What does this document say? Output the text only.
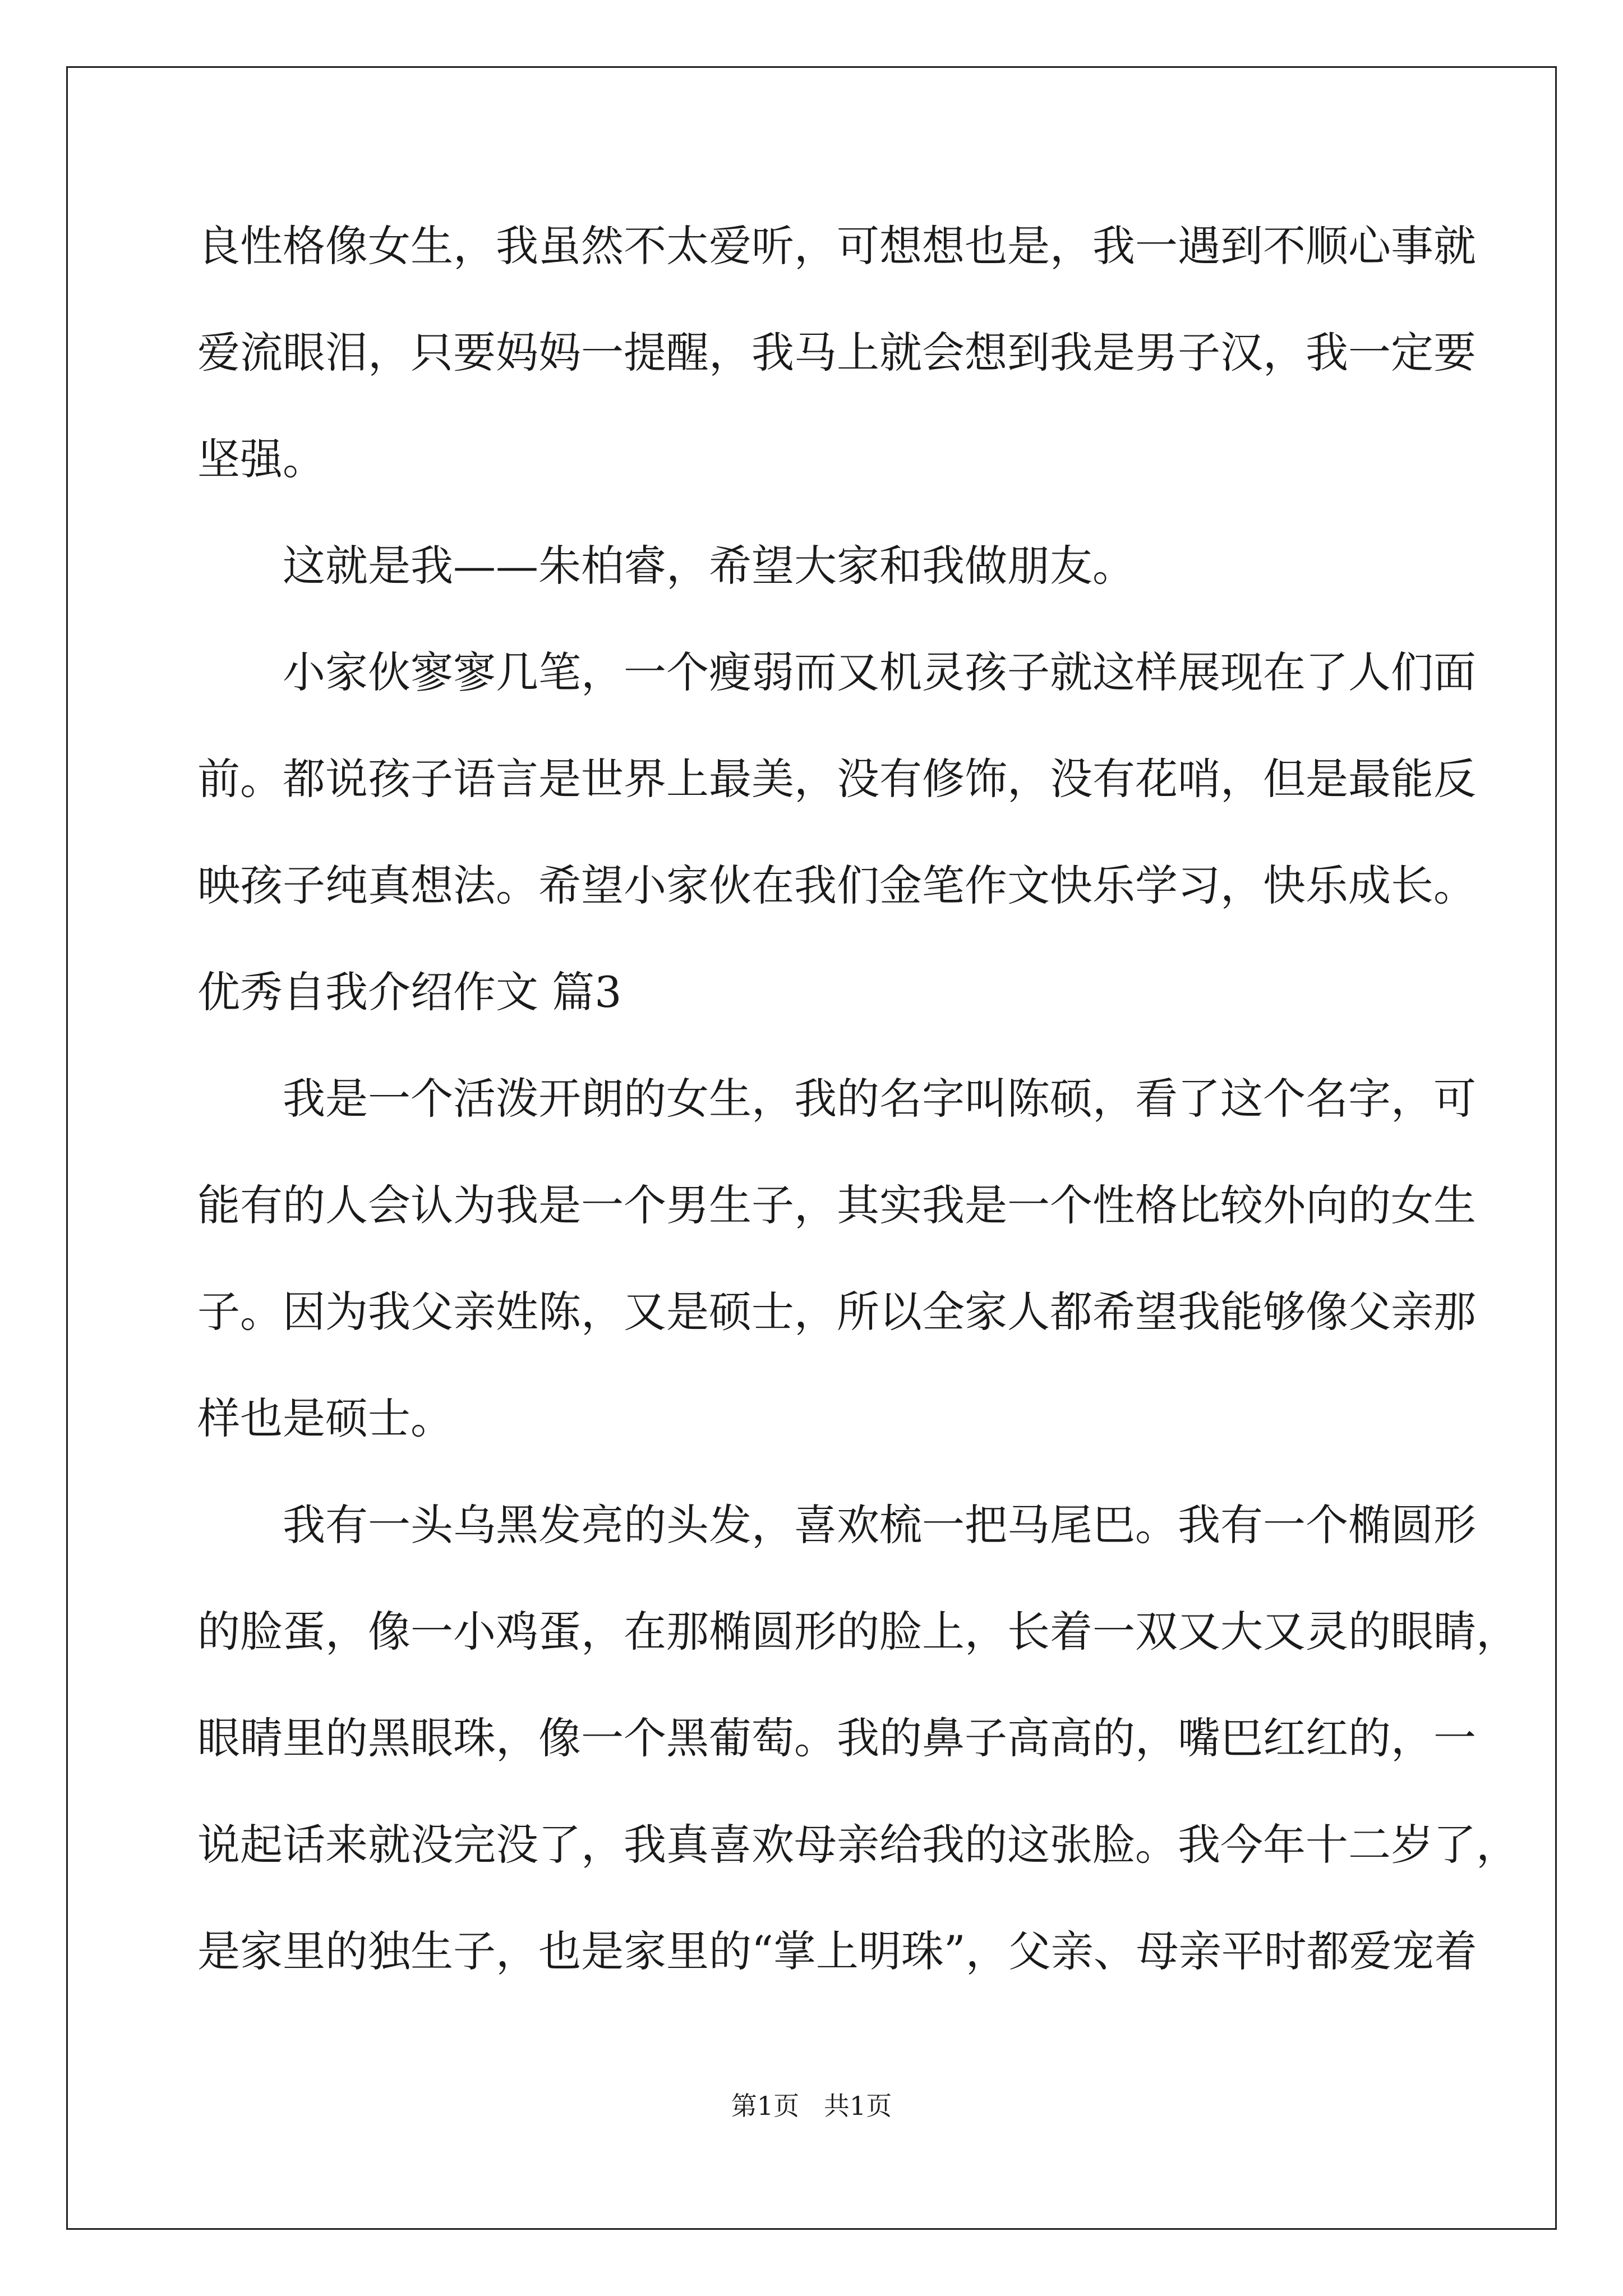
良性格像女生，我虽然不太爱听，可想想也是，我一遇到不顺心事就

爱流眼泪，只要妈妈一提醒，我马上就会想到我是男子汉，我一定要

坚强。

　　这就是我——朱柏睿，希望大家和我做朋友。

　　小家伙寥寥几笔，一个瘦弱而又机灵孩子就这样展现在了人们面

前。都说孩子语言是世界上最美，没有修饰，没有花哨，但是最能反

映孩子纯真想法。希望小家伙在我们金笔作文快乐学习，快乐成长。

优秀自我介绍作文 篇3

　　我是一个活泼开朗的女生，我的名字叫陈硕，看了这个名字，可

能有的人会认为我是一个男生子，其实我是一个性格比较外向的女生

子。因为我父亲姓陈，又是硕士，所以全家人都希望我能够像父亲那

样也是硕士。

　　我有一头乌黑发亮的头发，喜欢梳一把马尾巴。我有一个椭圆形

的脸蛋，像一小鸡蛋，在那椭圆形的脸上，长着一双又大又灵的眼睛，

眼睛里的黑眼珠，像一个黑葡萄。我的鼻子高高的，嘴巴红红的，一

说起话来就没完没了，我真喜欢母亲给我的这张脸。我今年十二岁了，

是家里的独生子，也是家里的“掌上明珠”，父亲、母亲平时都爱宠着

第1页   共1页
